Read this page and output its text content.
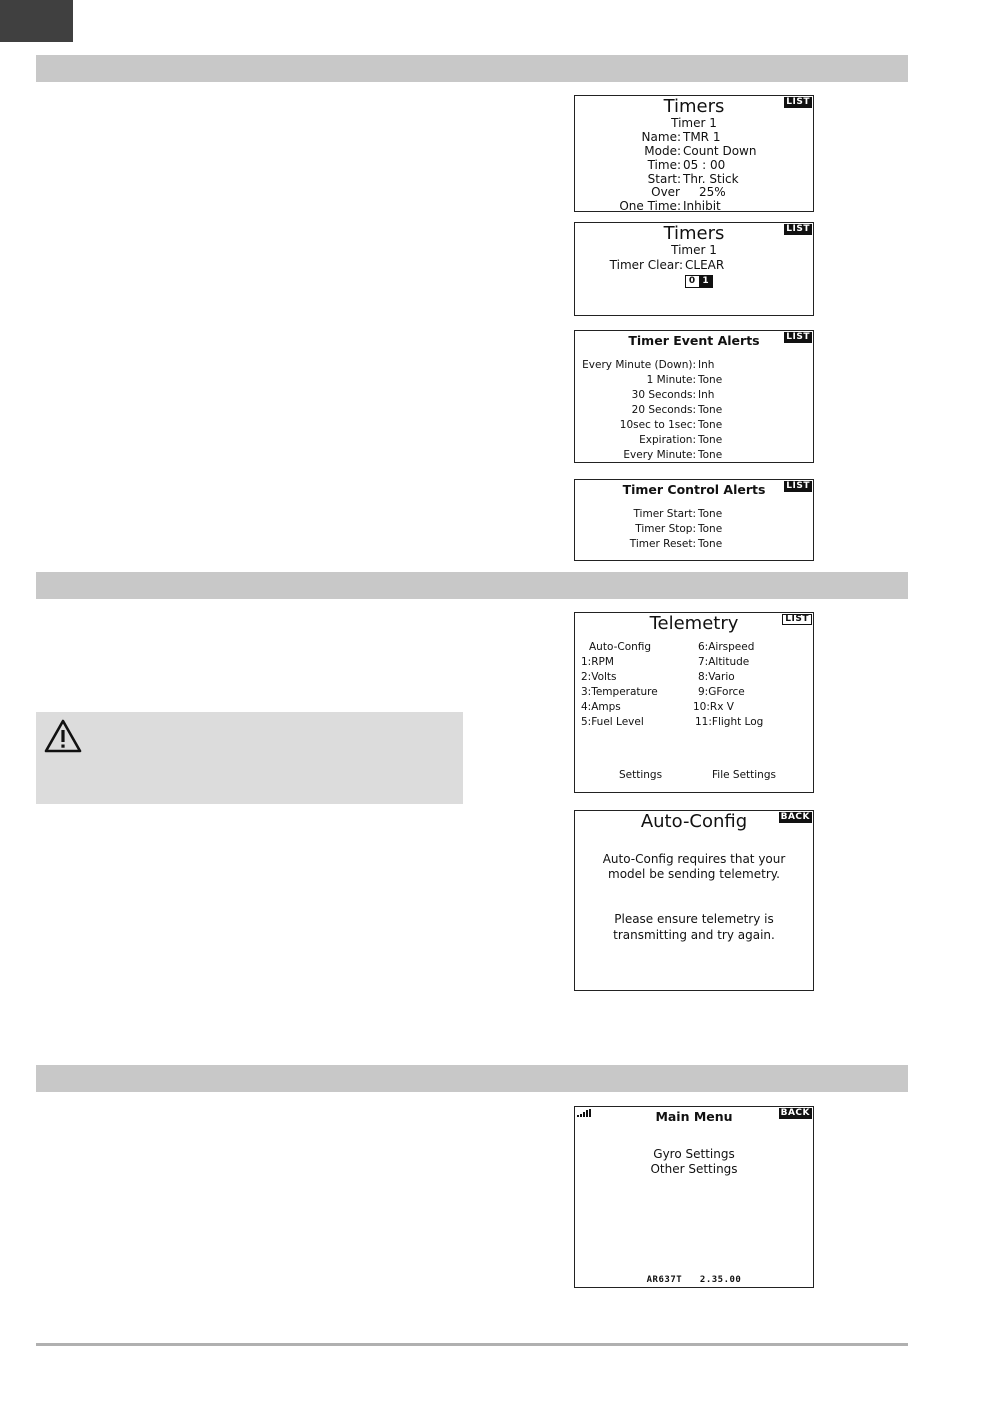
LIST
Timers
Timer 1
Name: TMR 1
Mode: Count Down
Time: 05 : 00
Start: Thr. Stick
Over 25%
One Time: Inhibit
LIST
Timers
Timer 1
Timer Clear: CLEAR
0 1
LIST
Timer Event Alerts
Every Minute (Down): Inh
1 Minute: Tone
30 Seconds: Inh
20 Seconds: Tone
10sec to 1sec: Tone
Expiration: Tone
Every Minute: Tone
LIST
Timer Control Alerts
Timer Start: Tone
Timer Stop: Tone
Timer Reset: Tone
LIST
Telemetry
Auto-Config
1:RPM
2:Volts
3:Temperature
4:Amps
5:Fuel Level
6:Airspeed
7:Altitude
8:Vario
9:GForce
10:Rx V
11:Flight Log
Settings	File Settings
BACK
Auto-Config
Auto-Config requires that your
model be sending telemetry.
Please ensure telemetry is
transmitting and try again.
BACK
Main Menu
Gyro Settings
Other Settings
AR637T   2.35.00
